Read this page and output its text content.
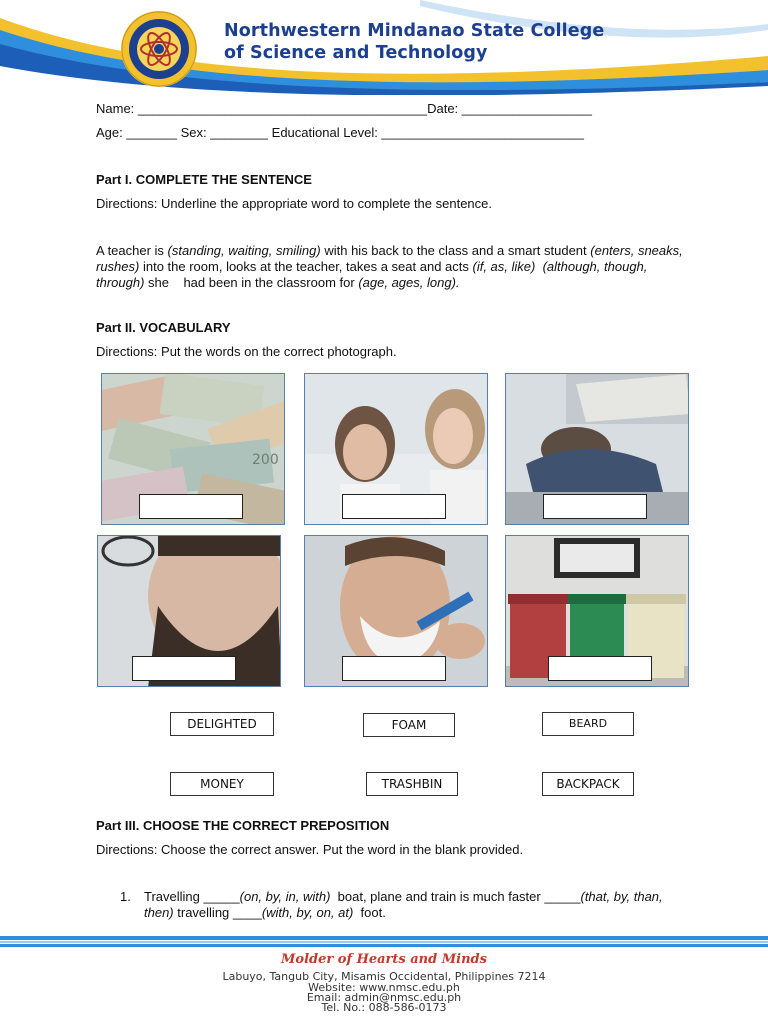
Northwestern Mindanao State College
of Science and Technology
Name: ________________________________________Date: __________________
Age: _______ Sex: ________ Educational Level: ____________________________
Part I. COMPLETE THE SENTENCE
Directions: Underline the appropriate word to complete the sentence.
A teacher is (standing, waiting, smiling) with his back to the class and a smart student (enters, sneaks, rushes) into the room, looks at the teacher, takes a seat and acts (if, as, like) (although, though, through) she    had been in the classroom for (age, ages, long).
Part II. VOCABULARY
Directions: Put the words on the correct photograph.
200
DELIGHTED	FOAM	BEARD
MONEY	TRASHBIN	BACKPACK
Part III. CHOOSE THE CORRECT PREPOSITION
Directions: Choose the correct answer. Put the word in the blank provided.
1. Travelling _____(on, by, in, with)  boat, plane and train is much faster _____(that, by, than, then) travelling ____(with, by, on, at)  foot.
Molder of Hearts and Minds
Labuyo, Tangub City, Misamis Occidental, Philippines 7214
Website: www.nmsc.edu.ph
Email: admin@nmsc.edu.ph
Tel. No.: 088-586-0173
